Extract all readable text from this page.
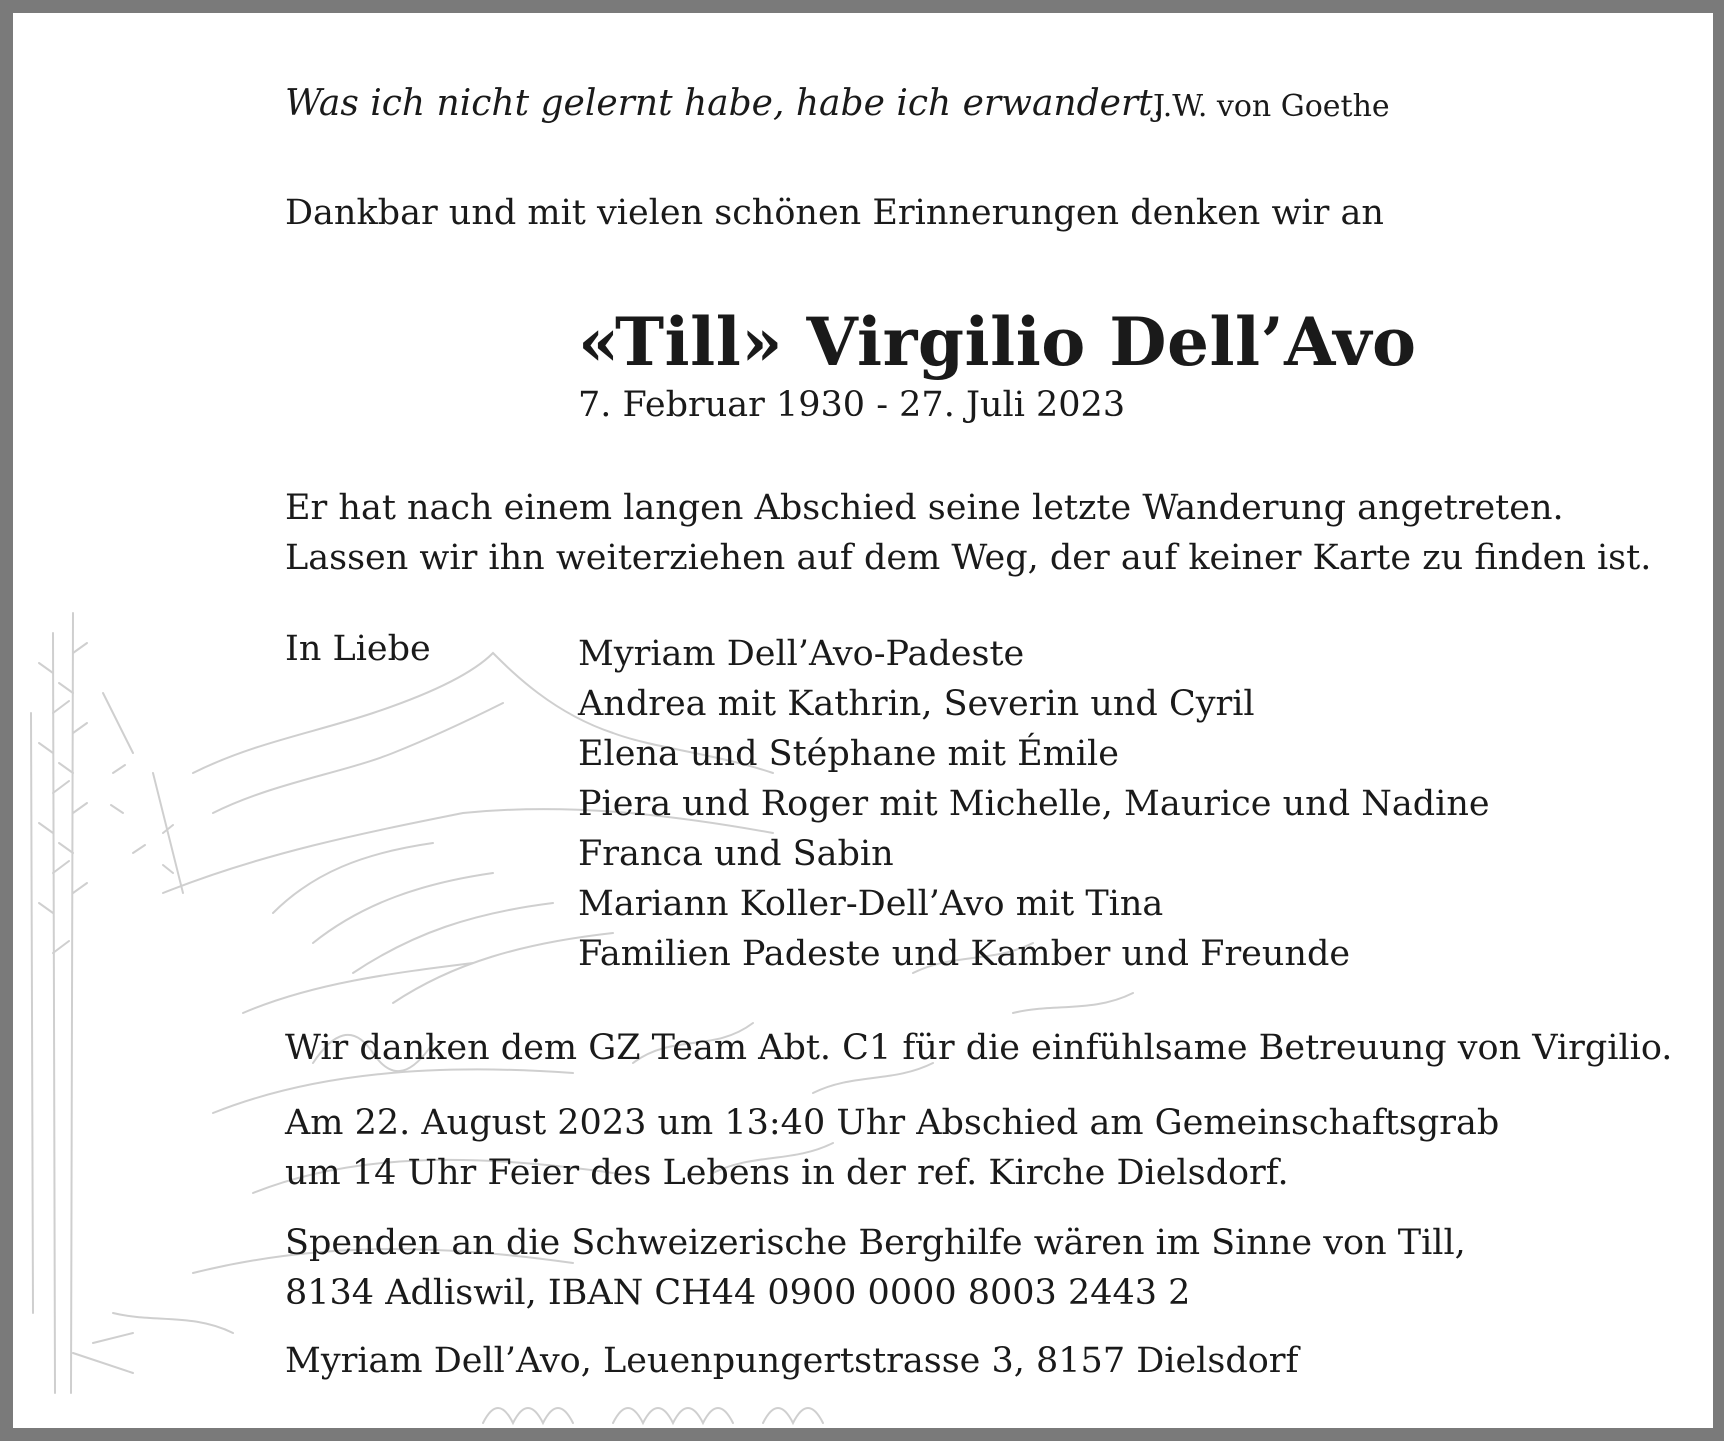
Was ich nicht gelernt habe, habe ich erwandert.
J.W. von Goethe
Dankbar und mit vielen schönen Erinnerungen denken wir an
«Till» Virgilio Dell’Avo
7. Februar 1930 - 27. Juli 2023
Er hat nach einem langen Abschied seine letzte Wanderung angetreten.
Lassen wir ihn weiterziehen auf dem Weg, der auf keiner Karte zu finden ist.
In Liebe	Myriam Dell’Avo-Padeste
Andrea mit Kathrin, Severin und Cyril
Elena und Stéphane mit Émile
Piera und Roger mit Michelle, Maurice und Nadine
Franca und Sabin
Mariann Koller-Dell’Avo mit Tina
Familien Padeste und Kamber und Freunde
Wir danken dem GZ Team Abt. C1 für die einfühlsame Betreuung von Virgilio.
Am 22. August 2023 um 13:40 Uhr Abschied am Gemeinschaftsgrab
um 14 Uhr Feier des Lebens in der ref. Kirche Dielsdorf.
Spenden an die Schweizerische Berghilfe wären im Sinne von Till,
8134 Adliswil, IBAN CH44 0900 0000 8003 2443 2
Myriam Dell’Avo, Leuenpungertstrasse 3, 8157 Dielsdorf
